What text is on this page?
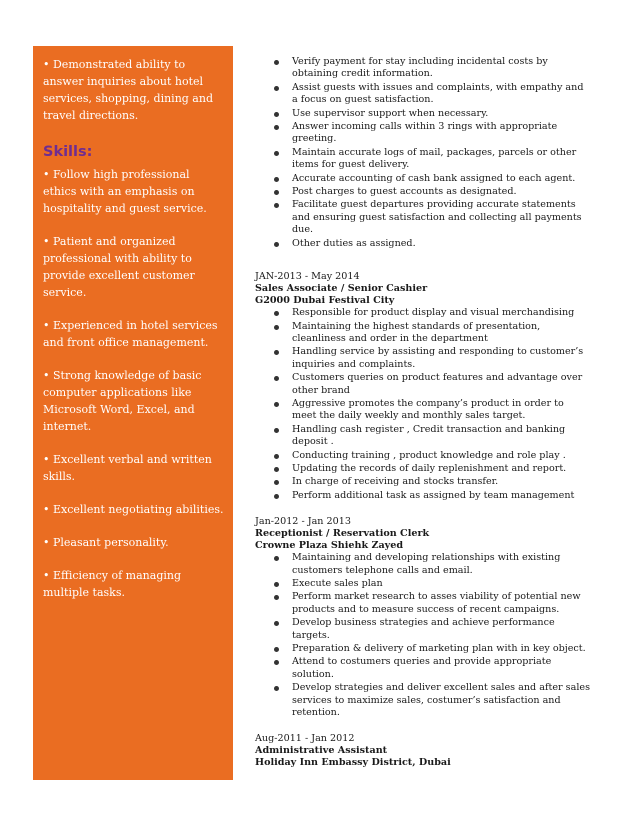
• Demonstrated ability to answer inquiries about hotel services, shopping, dining and travel directions.

Skills:

• Follow high professional ethics with an emphasis on hospitality and guest service.

• Patient and organized professional with ability to provide excellent customer service.

• Experienced in hotel services and front office management.

• Strong knowledge of basic computer applications like Microsoft Word, Excel, and internet.

• Excellent verbal and written skills.

• Excellent negotiating abilities.

• Pleasant personality.

• Efficiency of managing multiple tasks.

Verify payment for stay including incidental costs by obtaining credit information.
Assist guests with issues and complaints, with empathy and a focus on guest satisfaction.
Use supervisor support when necessary.
Answer incoming calls within 3 rings with appropriate greeting.
Maintain accurate logs of mail, packages, parcels or other items for guest delivery.
Accurate accounting of cash bank assigned to each agent.
Post charges to guest accounts as designated.
Facilitate guest departures providing accurate statements and ensuring guest satisfaction and collecting all payments due.
Other duties as assigned.
JAN-2013 - May 2014
Sales Associate / Senior Cashier
G2000 Dubai Festival City
Responsible for product display and visual merchandising
Maintaining the highest standards of presentation, cleanliness and order in the department
Handling service by assisting and responding to customer’s inquiries and complaints.
Customers queries on product features and advantage over other brand
Aggressive promotes the company’s product in order to meet the daily weekly and monthly sales target.
Handling cash register , Credit transaction and banking deposit .
Conducting training , product knowledge and role play .
Updating the records of daily replenishment and report.
In charge of receiving and stocks transfer.
Perform additional task as assigned by team management
Jan-2012 - Jan 2013
Receptionist / Reservation Clerk
Crowne Plaza Shiehk Zayed
Maintaining and developing relationships with existing customers telephone calls and email.
Execute sales plan
Perform market research to asses viability of potential new products and to measure success of recent campaigns.
Develop business strategies and achieve performance targets.
Preparation & delivery of marketing plan with in key object.
Attend to costumers queries and provide appropriate solution.
Develop strategies and deliver excellent sales and after sales services to maximize sales, costumer’s satisfaction and retention.
Aug-2011 - Jan 2012
Administrative Assistant
Holiday Inn Embassy District, Dubai
